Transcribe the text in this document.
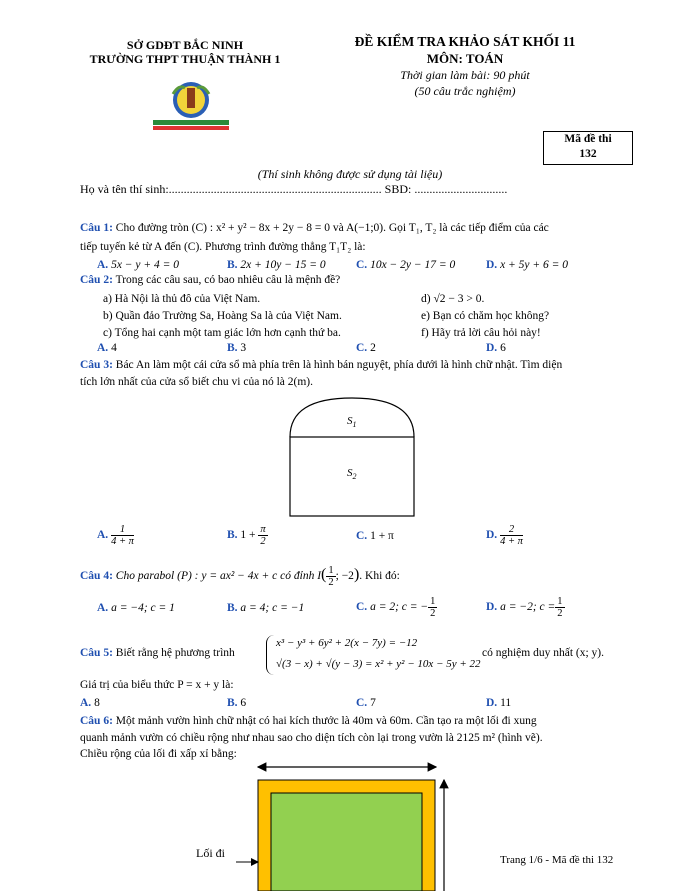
SỞ GDĐT BẮC NINH
TRƯỜNG THPT THUẬN THÀNH 1
ĐỀ KIỂM TRA KHẢO SÁT KHỐI 11
MÔN: TOÁN
Thời gian làm bài: 90 phút
(50 câu trắc nghiệm)
Mã đề thi
132
(Thí sinh không được sử dụng tài liệu)
Họ và tên thí sinh:....................................................................... SBD: ...............................
Câu 1: Cho đường tròn (C) : x² + y² − 8x + 2y − 8 = 0 và A(−1;0). Gọi T₁, T₂ là các tiếp điểm của các
tiếp tuyến kẻ từ A đến (C). Phương trình đường thẳng T₁T₂ là:
A. 5x − y + 4 = 0	B. 2x + 10y − 15 = 0	C. 10x − 2y − 17 = 0	D. x + 5y + 6 = 0
Câu 2: Trong các câu sau, có bao nhiêu câu là mệnh đề?
a) Hà Nội là thủ đô của Việt Nam.
b) Quần đảo Trường Sa, Hoàng Sa là của Việt Nam.
c) Tổng hai cạnh một tam giác lớn hơn cạnh thứ ba.
d) √2 − 3 > 0.
e) Bạn có chăm học không?
f) Hãy trả lời câu hỏi này!
A. 4	B. 3	C. 2	D. 6
Câu 3: Bác An làm một cái cửa sổ mà phía trên là hình bán nguyệt, phía dưới là hình chữ nhật. Tìm diện
tích lớn nhất của cửa sổ biết chu vi của nó là 2(m).
$S_1$
$S_2$
A. $\frac{1}{4 + \pi}$	B. $1 + \frac{\pi}{2}$	C. 1 + π	D. $\frac{2}{4 + \pi}$
Câu 4: Cho parabol (P) : y = ax² − 4x + c có đỉnh $I( \frac{1}{2}$ ; −2). Khi đó:
A. a = −4; c = 1	B. a = 4; c = −1	C. a = 2; c = − $\frac{1}{2}$	D. a = −2; $c = \frac{1}{2}$
Câu 5: Biết rằng hệ phương trình
x³ − y³ + 6y² + 2(x − 7y) = −12
√(3 − x) + √(y − 3) = x² + y² − 10x − 5y + 22
có nghiệm duy nhất (x; y).
Giá trị của biểu thức P = x + y là:
A. 8	B. 6	C. 7	D. 11
Câu 6: Một mảnh vườn hình chữ nhật có hai kích thước là 40m và 60m. Cần tạo ra một lối đi xung
quanh mảnh vườn có chiều rộng như nhau sao cho diện tích còn lại trong vườn là 2125 m² (hình vẽ).
Chiều rộng của lối đi xấp xỉ bằng:
Lối đi	Trang 1/6 - Mã đề thi 132
